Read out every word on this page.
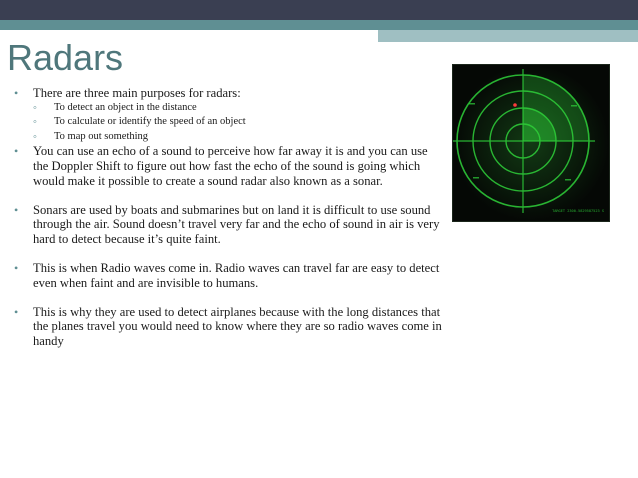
Radars

• There are three main purposes for radars:

◦ To detect an object in the distance

◦ To calculate or identify the speed of an object

◦ To map out something

• You can use an echo of a sound to perceive how far away it is and you can use the Doppler Shift to figure out how fast the echo of the sound is going which would make it possible to create a sound radar also known as a sonar.

• Sonars are used by boats and submarines but on land it is difficult to use sound through the air. Sound doesn’t travel very far and the echo of sound in air is very hard to detect because it’s quite faint.

• This is when Radio waves come in. Radio waves can travel far are easy to detect even when faint and are invisible to humans.

• This is why they are used to detect airplanes because with the long distances that the planes travel you would need to know where they are so radio waves come in handy

TARGET 2300-5829587523 S
